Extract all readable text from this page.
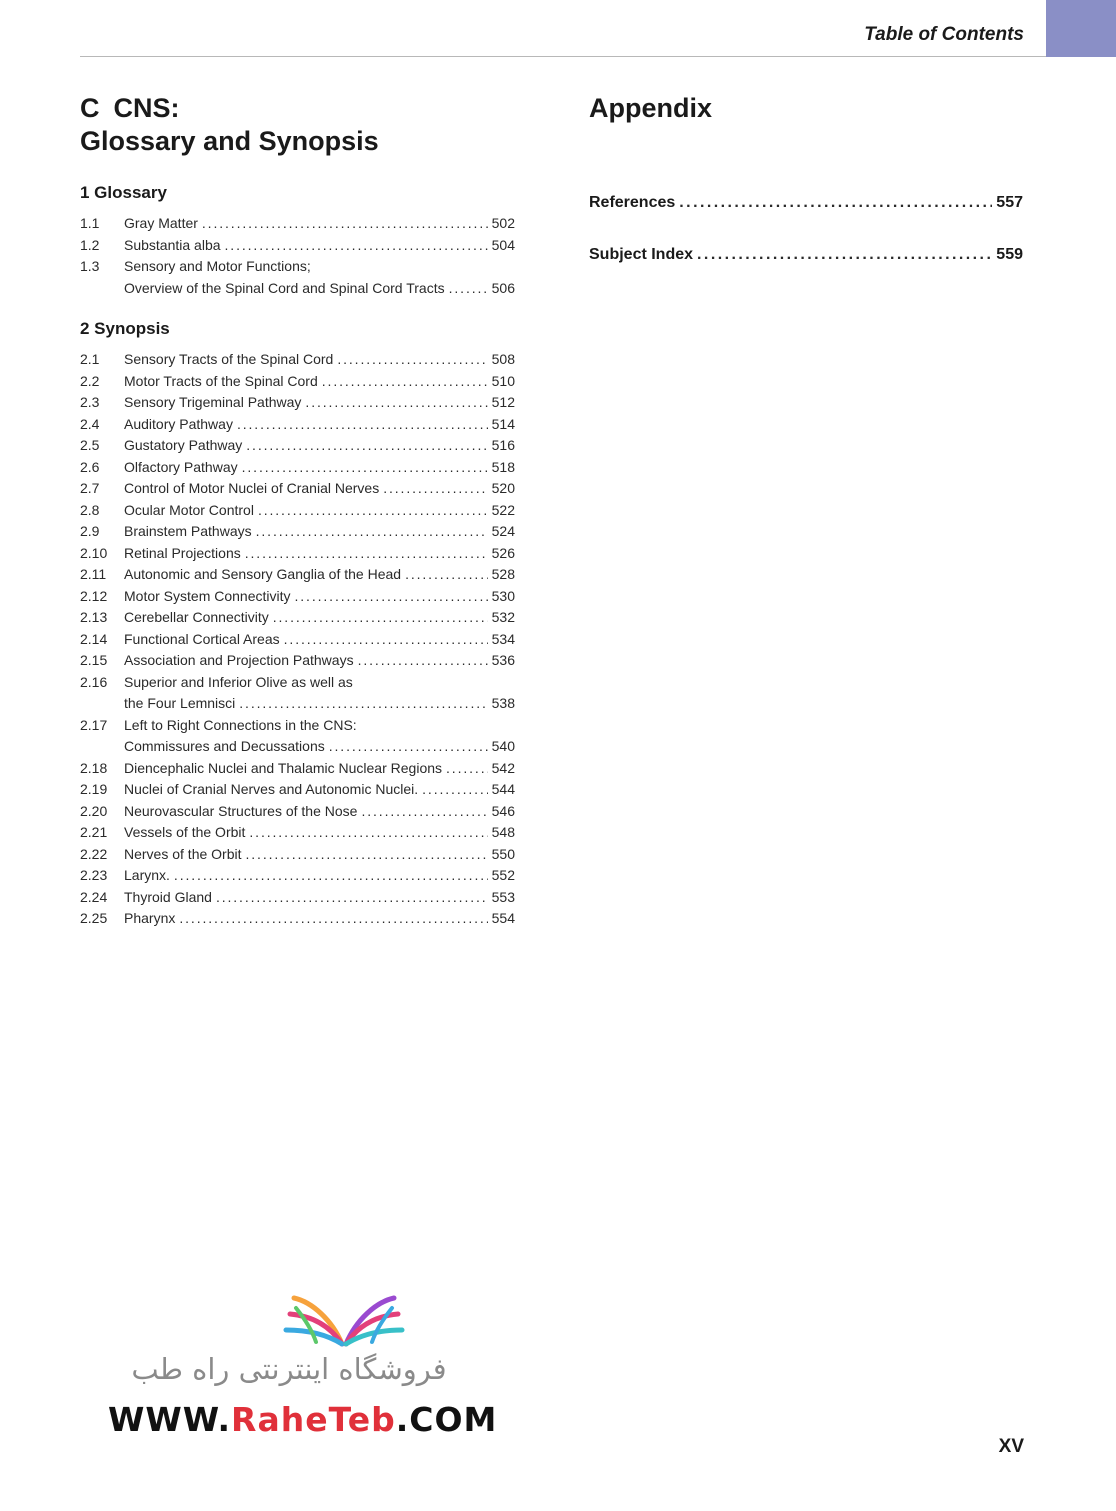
Table of Contents
C CNS:
Glossary and Synopsis
1 Glossary
1.1	Gray Matter . . .	502
1.2	Substantia alba . . .	504
1.3	Sensory and Motor Functions;
Overview of the Spinal Cord and Spinal Cord Tracts . . .	506
2 Synopsis
2.1	Sensory Tracts of the Spinal Cord . . .	508
2.2	Motor Tracts of the Spinal Cord . . .	510
2.3	Sensory Trigeminal Pathway . . .	512
2.4	Auditory Pathway . . .	514
2.5	Gustatory Pathway . . .	516
2.6	Olfactory Pathway . . .	518
2.7	Control of Motor Nuclei of Cranial Nerves . . .	520
2.8	Ocular Motor Control . . .	522
2.9	Brainstem Pathways . . .	524
2.10	Retinal Projections . . .	526
2.11	Autonomic and Sensory Ganglia of the Head . . .	528
2.12	Motor System Connectivity . . .	530
2.13	Cerebellar Connectivity . . .	532
2.14	Functional Cortical Areas . . .	534
2.15	Association and Projection Pathways . . .	536
2.16	Superior and Inferior Olive as well as
the Four Lemnisci . . .	538
2.17	Left to Right Connections in the CNS:
Commissures and Decussations . . .	540
2.18	Diencephalic Nuclei and Thalamic Nuclear Regions . . .	542
2.19	Nuclei of Cranial Nerves and Autonomic Nuclei. . . .	544
2.20	Neurovascular Structures of the Nose . . .	546
2.21	Vessels of the Orbit . . .	548
2.22	Nerves of the Orbit . . .	550
2.23	Larynx. . . .	552
2.24	Thyroid Gland . . .	553
2.25	Pharynx . . .	554
Appendix
References . . .	557
Subject Index . . .	559
فروشگاه اینترنتی راه طب
WWW.RaheTeb.COM
XV
